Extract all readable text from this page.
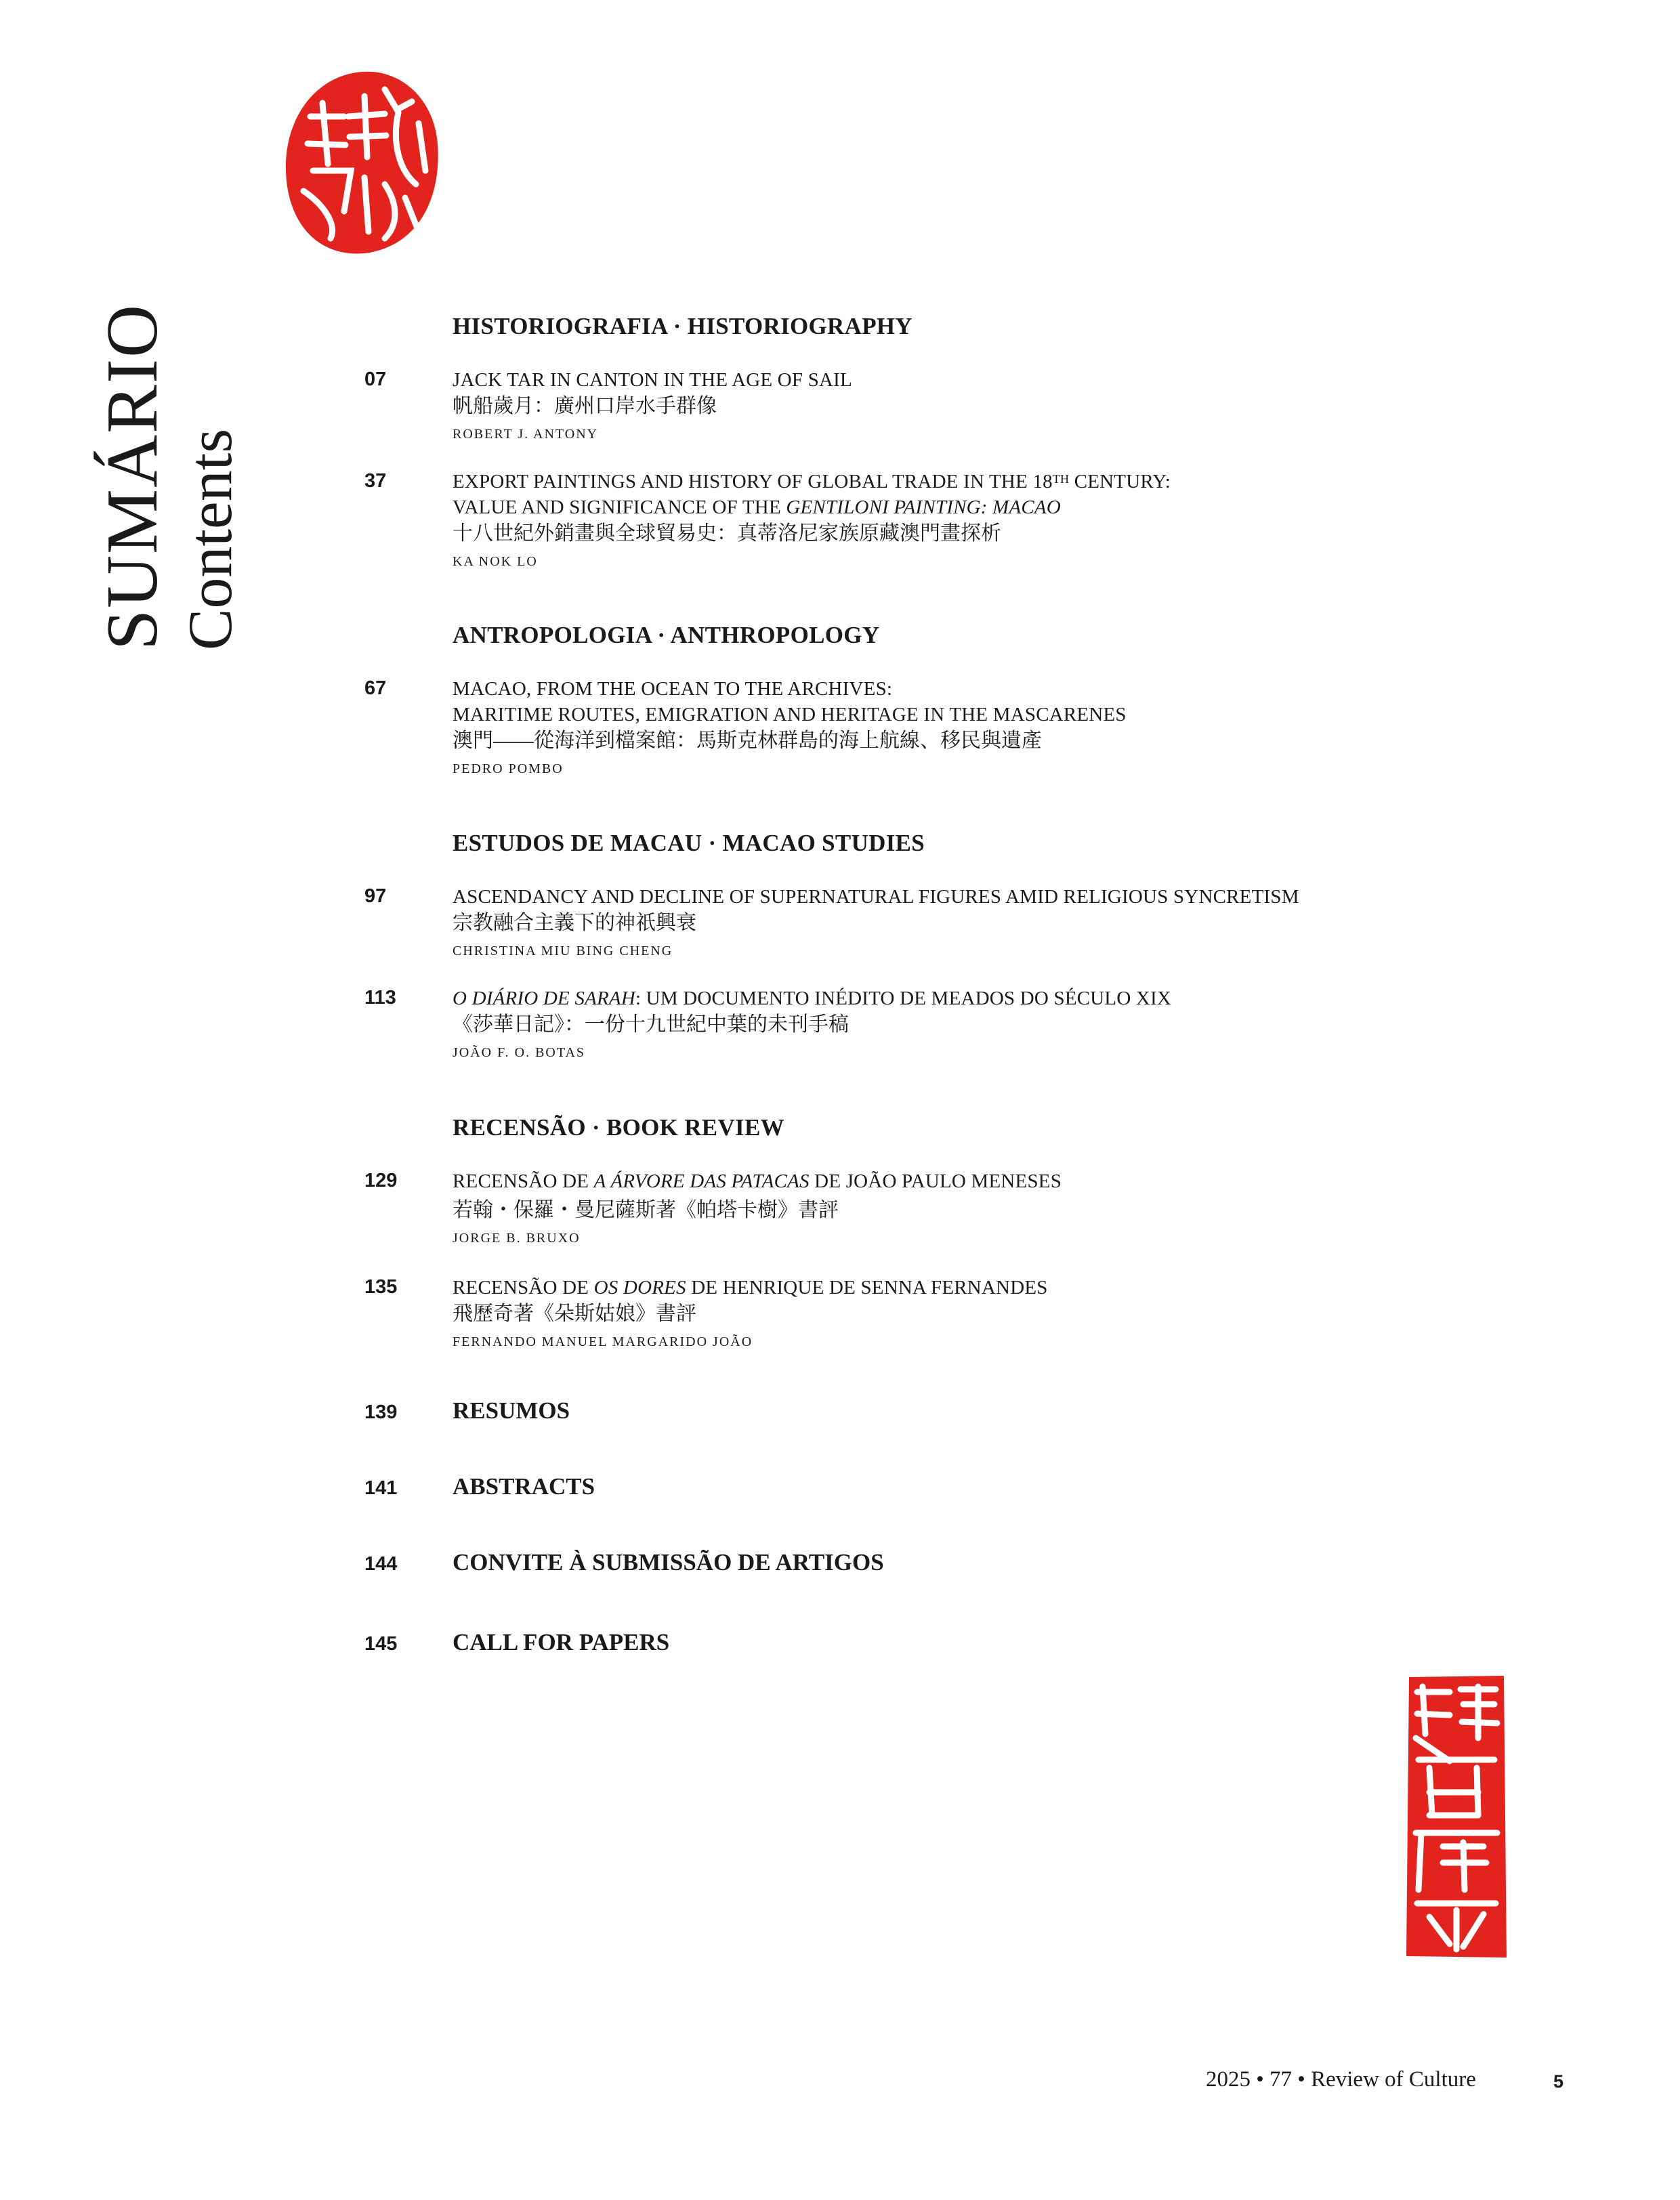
文化雜誌
文化雜誌
SUMÁRIO Contents
HISTORIOGRAFIA · HISTORIOGRAPHY
07	JACK TAR IN CANTON IN THE AGE OF SAIL
帆船歲月：廣州口岸水手群像
ROBERT J. ANTONY
37	EXPORT PAINTINGS AND HISTORY OF GLOBAL TRADE IN THE 18TH CENTURY:
VALUE AND SIGNIFICANCE OF THE GENTILONI PAINTING: MACAO
十八世紀外銷畫與全球貿易史：真蒂洛尼家族原藏澳門畫探析
KA NOK LO
ANTROPOLOGIA · ANTHROPOLOGY
67	MACAO, FROM THE OCEAN TO THE ARCHIVES:
MARITIME ROUTES, EMIGRATION AND HERITAGE IN THE MASCARENES
澳門——從海洋到檔案館：馬斯克林群島的海上航線、移民與遺產
PEDRO POMBO
ESTUDOS DE MACAU · MACAO STUDIES
97	ASCENDANCY AND DECLINE OF SUPERNATURAL FIGURES AMID RELIGIOUS SYNCRETISM
宗教融合主義下的神祇興衰
CHRISTINA MIU BING CHENG
113	O DIÁRIO DE SARAH: UM DOCUMENTO INÉDITO DE MEADOS DO SÉCULO XIX
《莎華日記》：一份十九世紀中葉的未刊手稿
JOÃO F. O. BOTAS
RECENSÃO · BOOK REVIEW
129	RECENSÃO DE A ÁRVORE DAS PATACAS DE JOÃO PAULO MENESES
若翰・保羅・曼尼薩斯著《帕塔卡樹》書評
JORGE B. BRUXO
135	RECENSÃO DE OS DORES DE HENRIQUE DE SENNA FERNANDES
飛歷奇著《朵斯姑娘》書評
FERNANDO MANUEL MARGARIDO JOÃO
139 RESUMOS
141 ABSTRACTS
144 CONVITE À SUBMISSÃO DE ARTIGOS
145 CALL FOR PAPERS
2025 • 77 • Review of Culture	5
